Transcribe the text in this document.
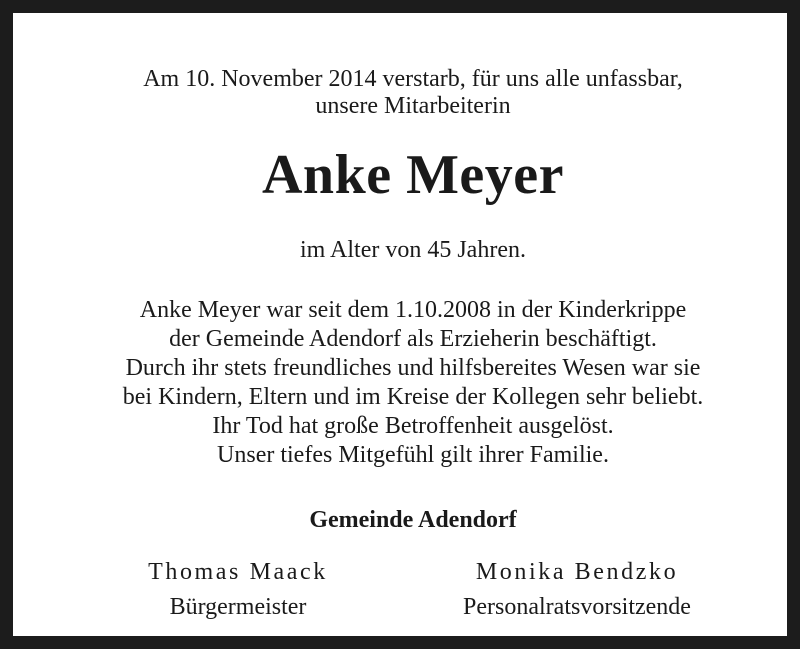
Am 10. November 2014 verstarb, für uns alle unfassbar,
unsere Mitarbeiterin
Anke Meyer
im Alter von 45 Jahren.
Anke Meyer war seit dem 1.10.2008 in der Kinderkrippe
der Gemeinde Adendorf als Erzieherin beschäftigt.
Durch ihr stets freundliches und hilfsbereites Wesen war sie
bei Kindern, Eltern und im Kreise der Kollegen sehr beliebt.
Ihr Tod hat große Betroffenheit ausgelöst.
Unser tiefes Mitgefühl gilt ihrer Familie.
Gemeinde Adendorf
Thomas Maack
Bürgermeister
Monika Bendzko
Personalratsvorsitzende
